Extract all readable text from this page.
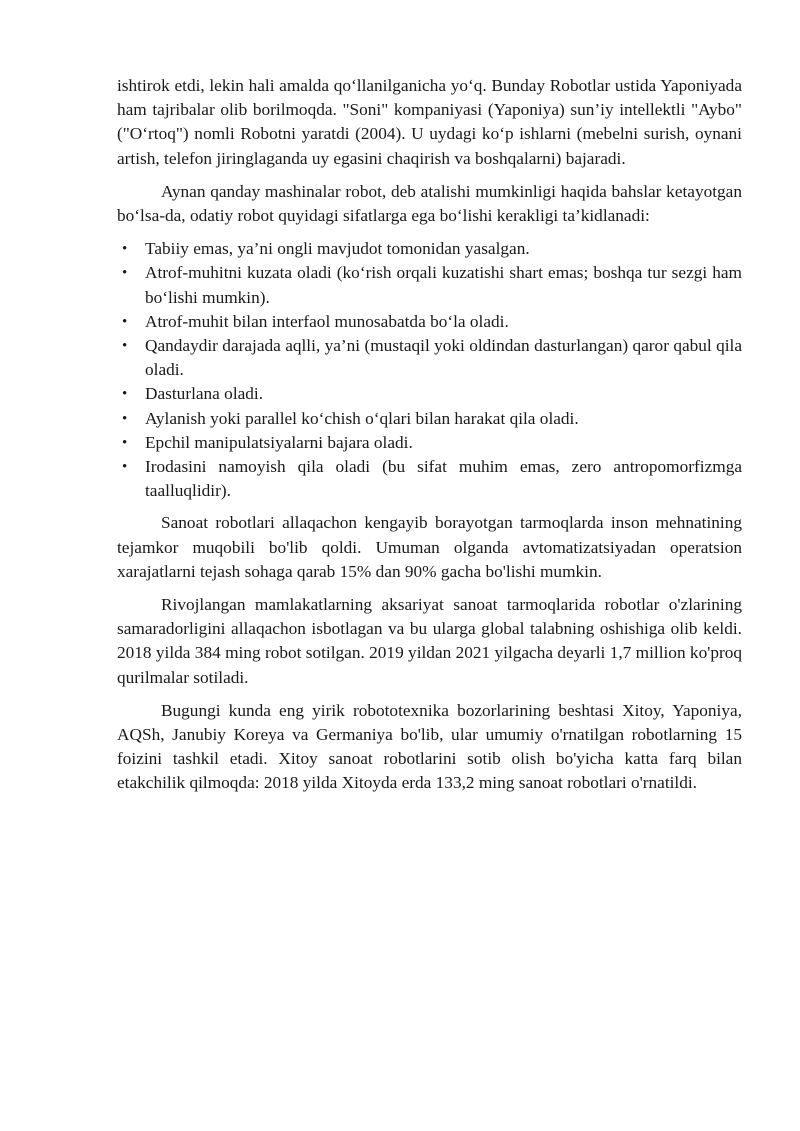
ishtirok etdi, lekin hali amalda qo‘llanilganicha yo‘q. Bunday Robotlar ustida Yaponiyada ham tajribalar olib borilmoqda. "Soni" kompaniyasi (Yaponiya) sun’iy intellektli "Aybo" ("O‘rtoq") nomli Robotni yaratdi (2004). U uydagi ko‘p ishlarni (mebelni surish, oynani artish, telefon jiringlaganda uy egasini chaqirish va boshqalarni) bajaradi.

Aynan qanday mashinalar robot, deb atalishi mumkinligi haqida bahslar ketayotgan bo‘lsa-da, odatiy robot quyidagi sifatlarga ega bo‘lishi kerakligi ta’kidlanadi:

• Tabiiy emas, ya’ni ongli mavjudot tomonidan yasalgan.
• Atrof-muhitni kuzata oladi (ko‘rish orqali kuzatishi shart emas; boshqa tur sezgi ham bo‘lishi mumkin).
• Atrof-muhit bilan interfaol munosabatda bo‘la oladi.
• Qandaydir darajada aqlli, ya’ni (mustaqil yoki oldindan dasturlangan) qaror qabul qila oladi.
• Dasturlana oladi.
• Aylanish yoki parallel ko‘chish o‘qlari bilan harakat qila oladi.
• Epchil manipulatsiyalarni bajara oladi.
• Irodasini namoyish qila oladi (bu sifat muhim emas, zero antropomorfizmga taalluqlidir).

Sanoat robotlari allaqachon kengayib borayotgan tarmoqlarda inson mehnatining tejamkor muqobili bo'lib qoldi. Umuman olganda avtomatizatsiyadan operatsion xarajatlarni tejash sohaga qarab 15% dan 90% gacha bo'lishi mumkin.

Rivojlangan mamlakatlarning aksariyat sanoat tarmoqlarida robotlar o'zlarining samaradorligini allaqachon isbotlagan va bu ularga global talabning oshishiga olib keldi. 2018 yilda 384 ming robot sotilgan. 2019 yildan 2021 yilgacha deyarli 1,7 million ko'proq qurilmalar sotiladi.

Bugungi kunda eng yirik robototexnika bozorlarining beshtasi Xitoy, Yaponiya, AQSh, Janubiy Koreya va Germaniya bo'lib, ular umumiy o'rnatilgan robotlarning 15 foizini tashkil etadi. Xitoy sanoat robotlarini sotib olish bo'yicha katta farq bilan etakchilik qilmoqda: 2018 yilda Xitoyda erda 133,2 ming sanoat robotlari o'rnatildi.
